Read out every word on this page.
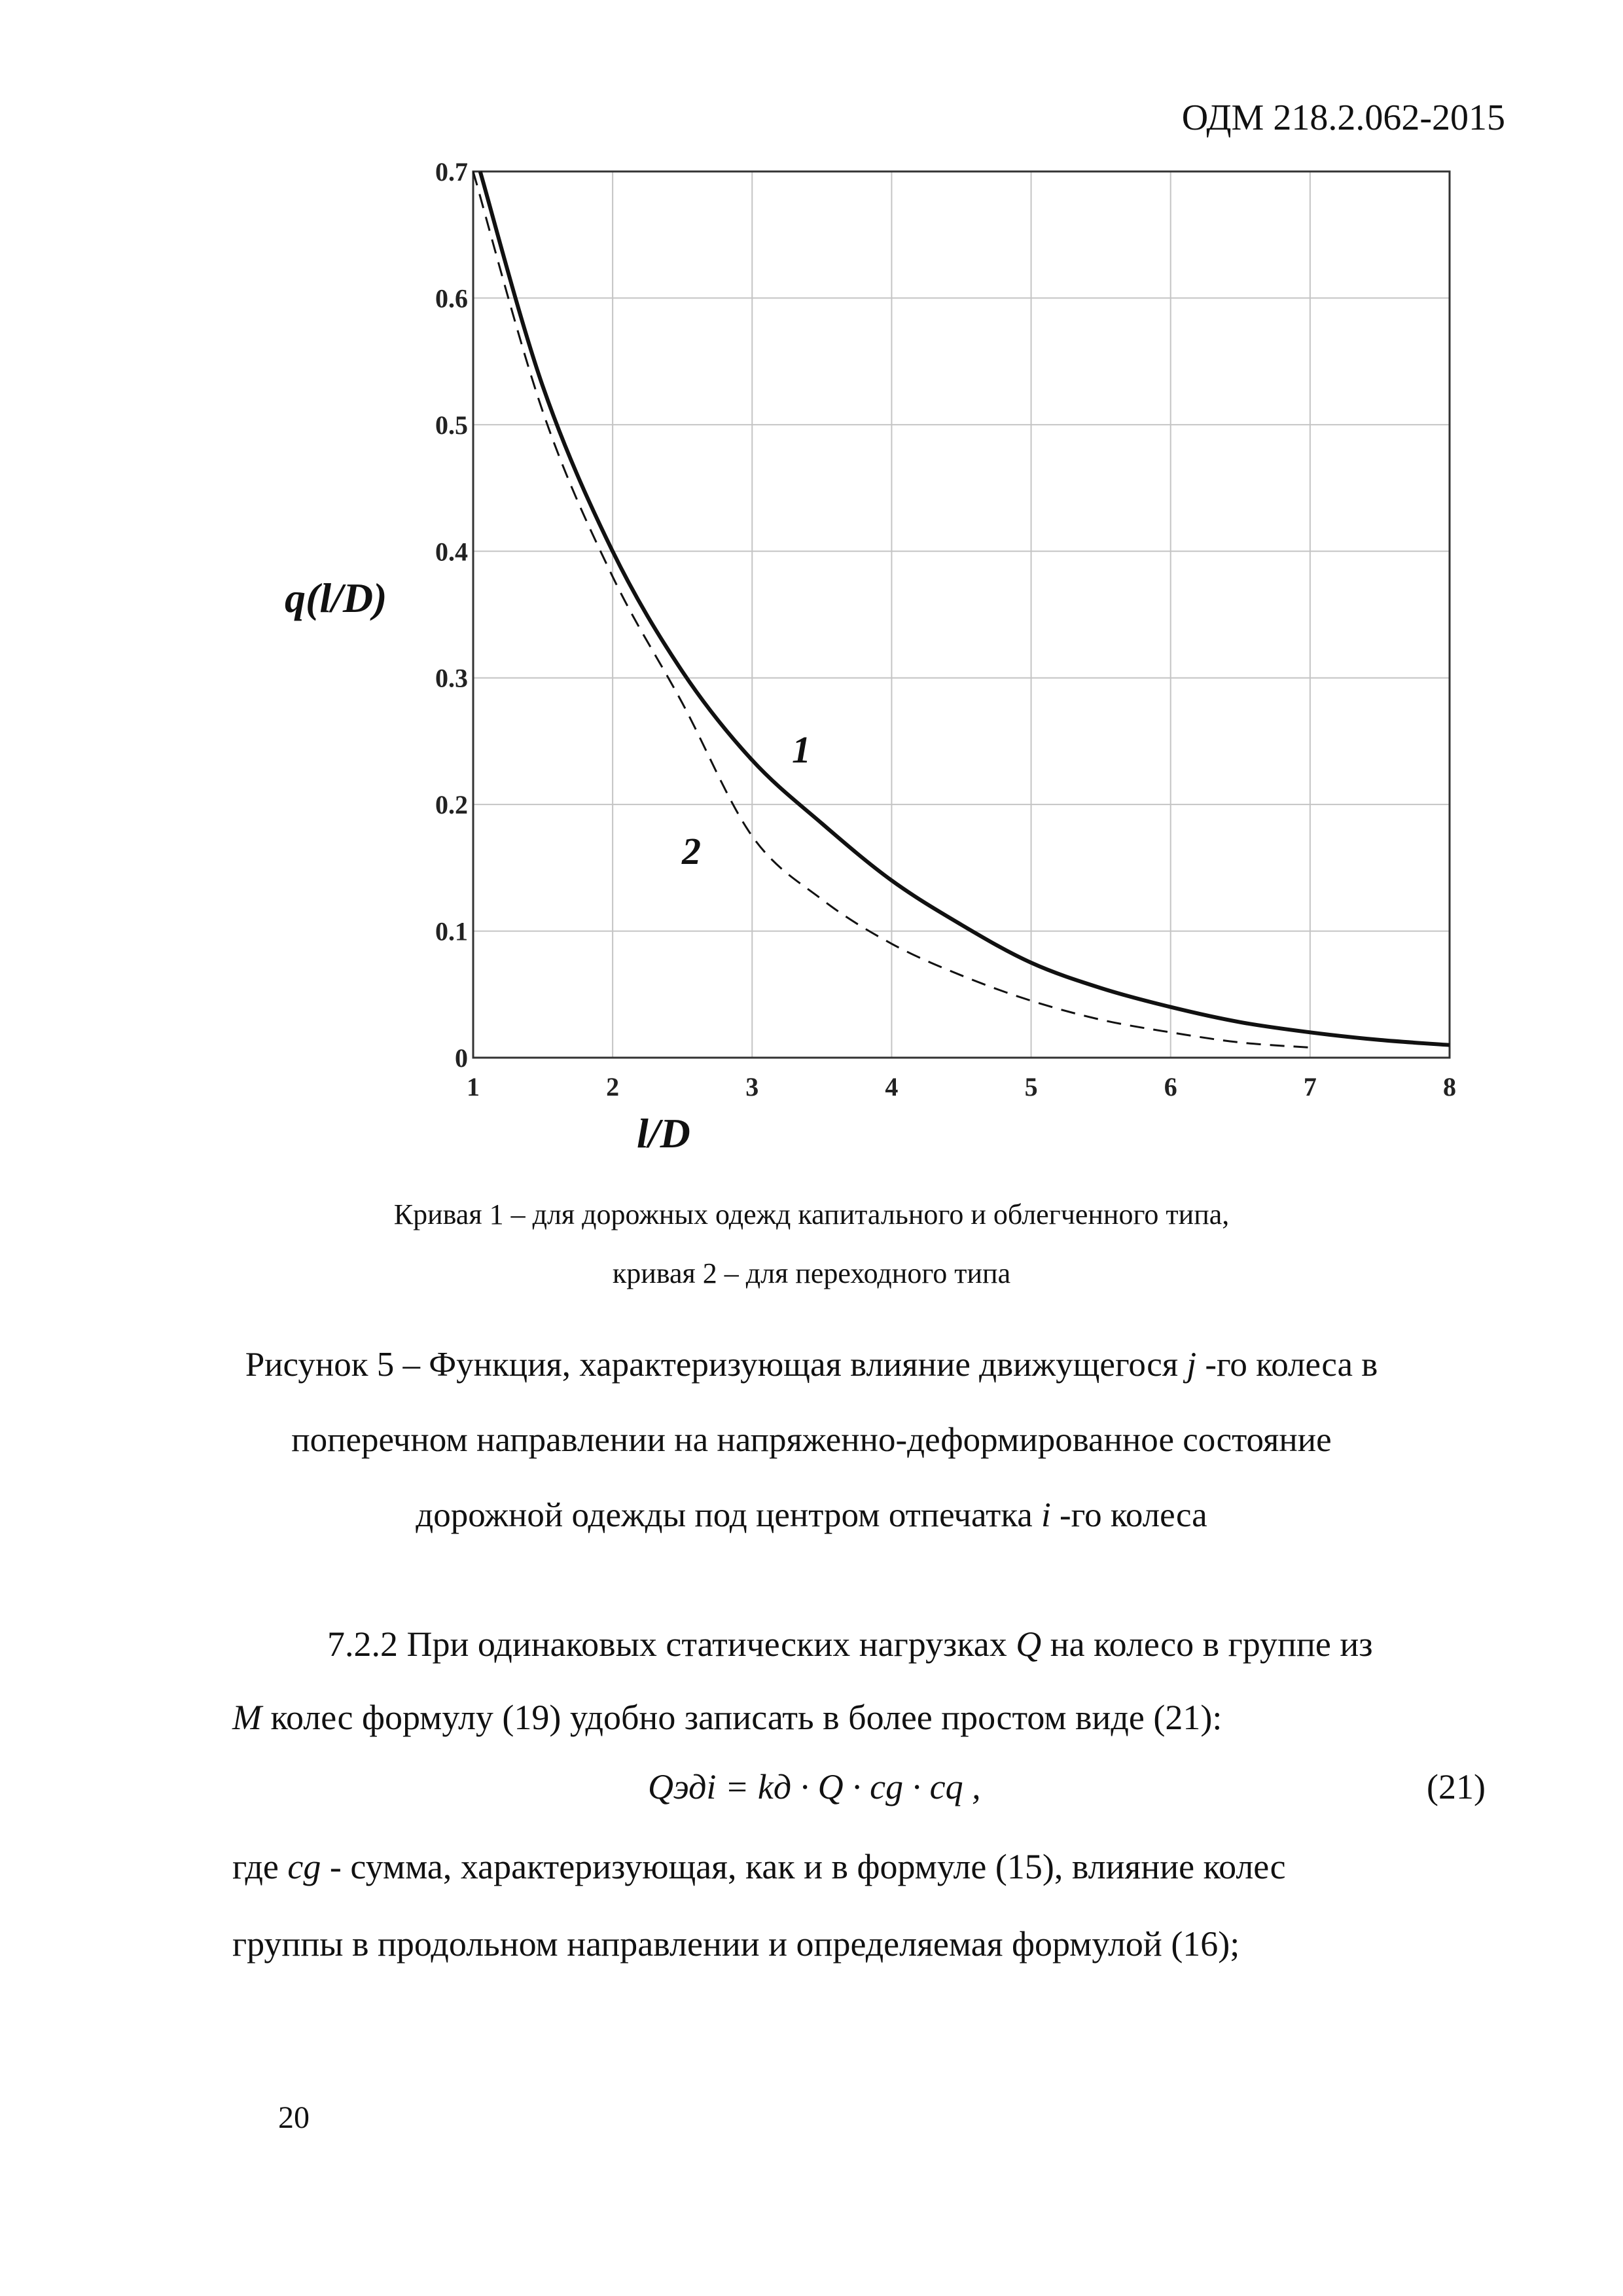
ОДМ 218.2.062-2015
1	2	3	4	5	6	7	8
0
0.1
0.2
0.3
0.4
0.5
0.6
0.7
1
2
q(l/D)
l/D
Кривая 1 – для дорожных одежд капитального и облегченного типа,
кривая 2 – для переходного типа
Рисунок 5 – Функция, характеризующая влияние движущегося j -го колеса в
поперечном направлении на напряженно-деформированное состояние
дорожной одежды под центром отпечатка i -го колеса
7.2.2 При одинаковых статических нагрузках Q на колесо в группе из
M колес формулу (19) удобно записать в более простом виде (21):
Qэдi = kд · Q · cg · cq ,	(21)
где cg - сумма, характеризующая, как и в формуле (15), влияние колес
группы в продольном направлении и определяемая формулой (16);
20
